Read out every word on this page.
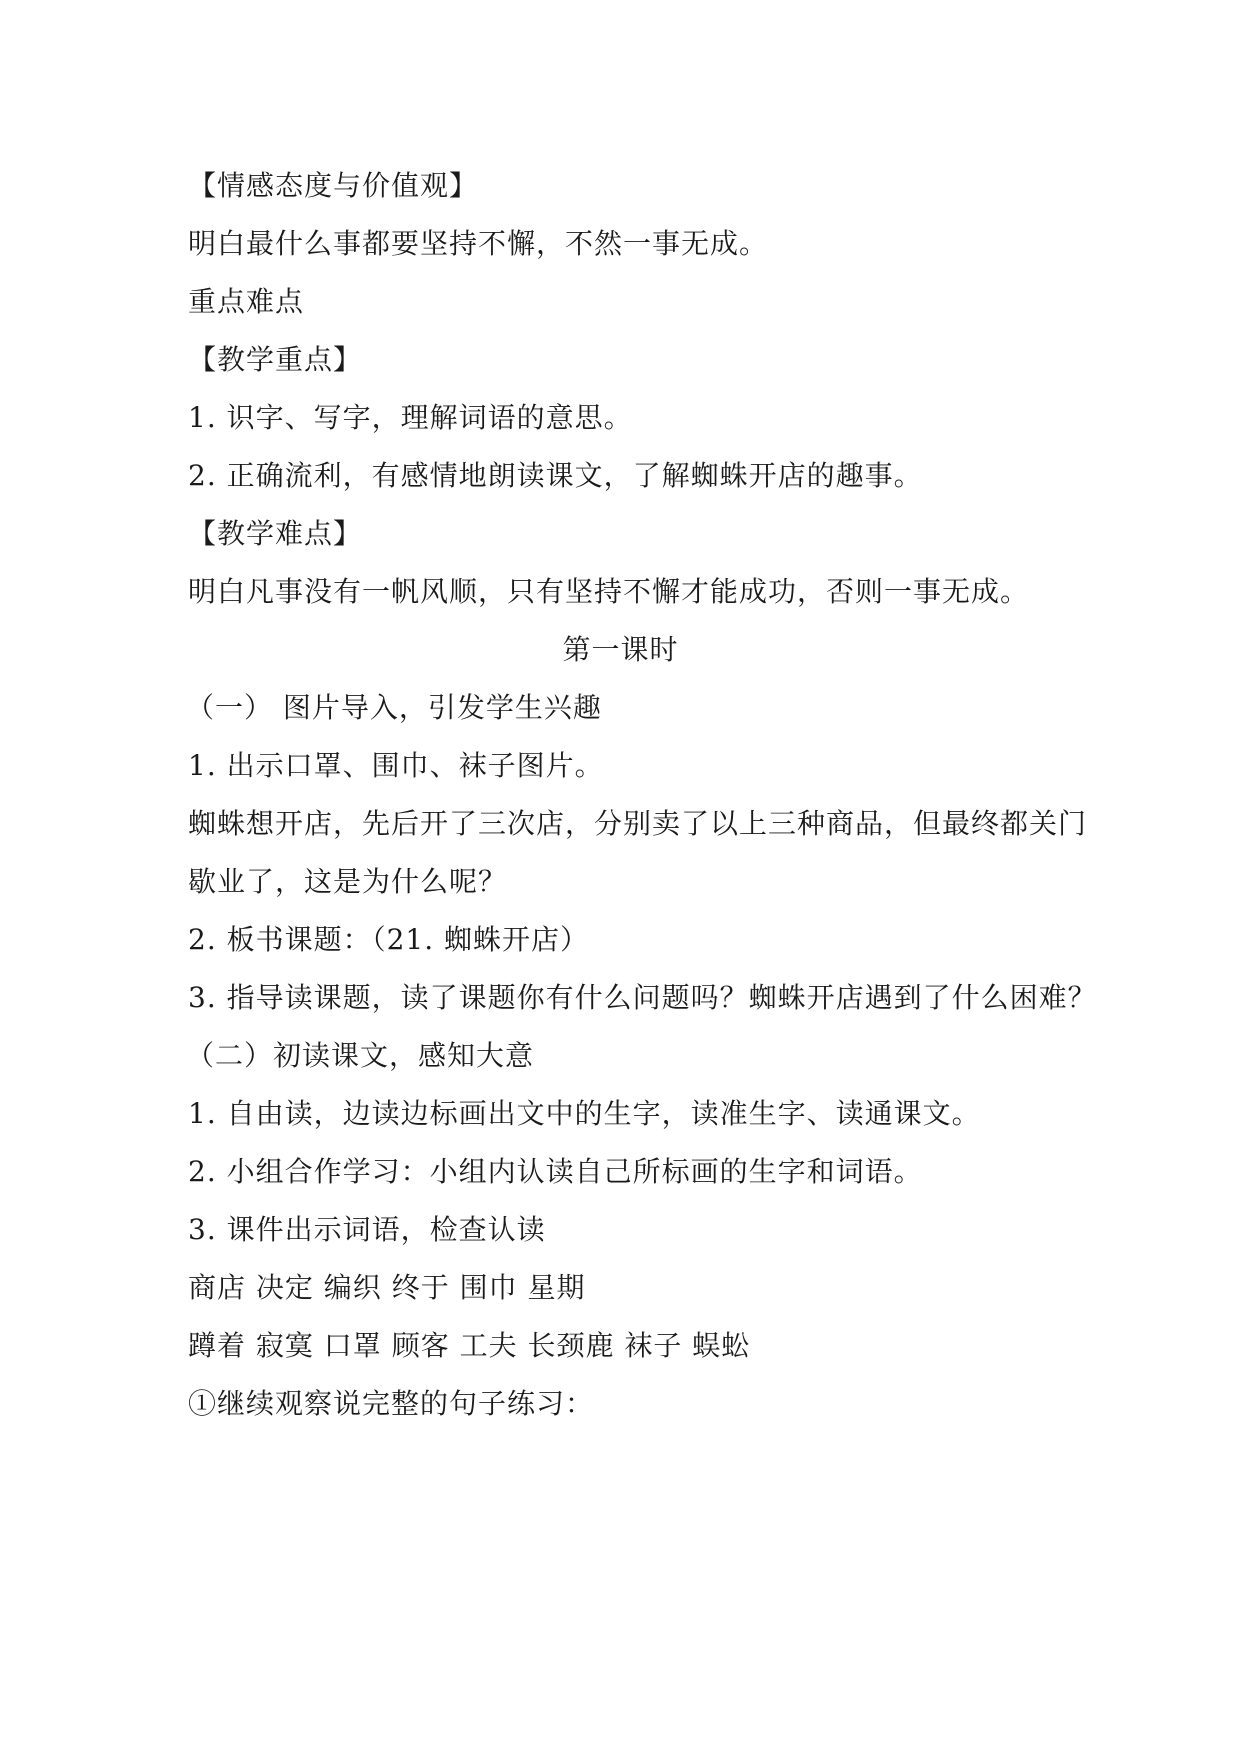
【情感态度与价值观】
明白最什么事都要坚持不懈，不然一事无成。
重点难点
【教学重点】
1. 识字、写字，理解词语的意思。
2. 正确流利，有感情地朗读课文，了解蜘蛛开店的趣事。
【教学难点】
明白凡事没有一帆风顺，只有坚持不懈才能成功，否则一事无成。
第一课时
（一） 图片导入，引发学生兴趣
1. 出示口罩、围巾、袜子图片。
蜘蛛想开店，先后开了三次店，分别卖了以上三种商品，但最终都关门
歇业了，这是为什么呢？
2. 板书课题：（21. 蜘蛛开店）
3. 指导读课题，读了课题你有什么问题吗？蜘蛛开店遇到了什么困难？
（二）初读课文，感知大意
1. 自由读，边读边标画出文中的生字，读准生字、读通课文。
2. 小组合作学习：小组内认读自己所标画的生字和词语。
3. 课件出示词语，检查认读
商店 决定 编织 终于 围巾 星期
蹲着 寂寞 口罩 顾客 工夫 长颈鹿 袜子 蜈蚣
①继续观察说完整的句子练习：
